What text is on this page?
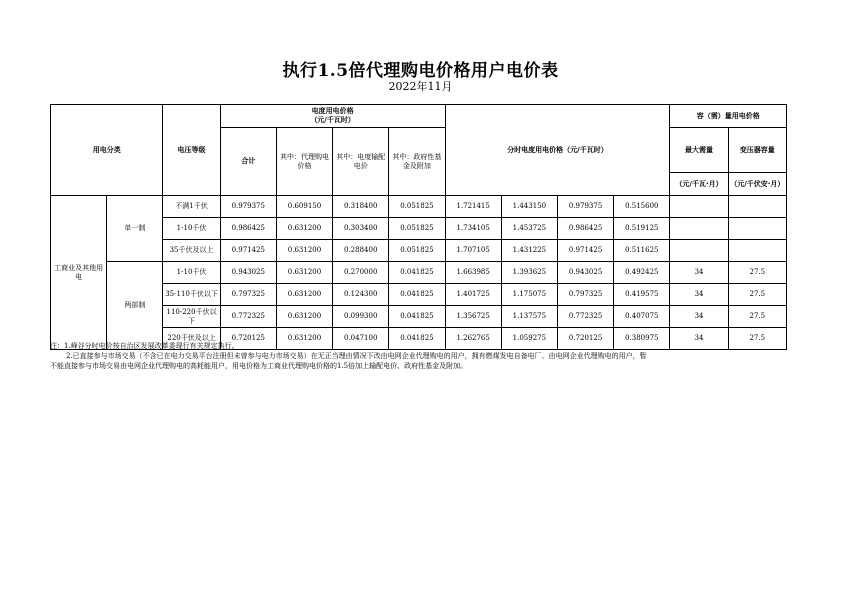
执行1.5倍代理购电价格用户电价表
2022年11月
用电分类		电压等级	电度用电价格
（元/千瓦时）				分时电度用电价格（元/千瓦时）				容（需）量用电价格	
			合计	其中：代理购电价格	其中：电度输配电价	其中：政府性基金及附加					最大需量	变压器容量
											（元/千瓦·月）	（元/千伏安·月）
工商业及其他用电	单一制	不满1千伏	0.979375	0.609150	0.318400	0.051825	1.721415	1.443150	0.979375	0.515600		
		1-10千伏	0.986425	0.631200	0.303400	0.051825	1.734105	1.453725	0.986425	0.519125		
		35千伏及以上	0.971425	0.631200	0.288400	0.051825	1.707105	1.431225	0.971425	0.511625		
	两部制	1-10千伏	0.943025	0.631200	0.270000	0.041825	1.663985	1.393625	0.943025	0.492425	34	27.5
		35-110千伏以下	0.797325	0.631200	0.124300	0.041825	1.401725	1.175075	0.797325	0.419575	34	27.5
		110-220千伏以下	0.772325	0.631200	0.099300	0.041825	1.356725	1.137575	0.772325	0.407075	34	27.5
		220千伏及以上	0.720125	0.631200	0.047100	0.041825	1.262765	1.059275	0.720125	0.380975	34	27.5
注：1.峰谷分时电价按自治区发展改革委现行有关规定执行。
2.已直接参与市场交易（不含已在电力交易平台注册但未曾参与电力市场交易）在无正当理由情况下改由电网企业代理购电的用户，拥有燃煤发电自备电厂、由电网企业代理购电的用户，暂
不能直接参与市场交易由电网企业代理购电的高耗能用户，用电价格为工商业代理购电价格的1.5倍加上输配电价、政府性基金及附加。
